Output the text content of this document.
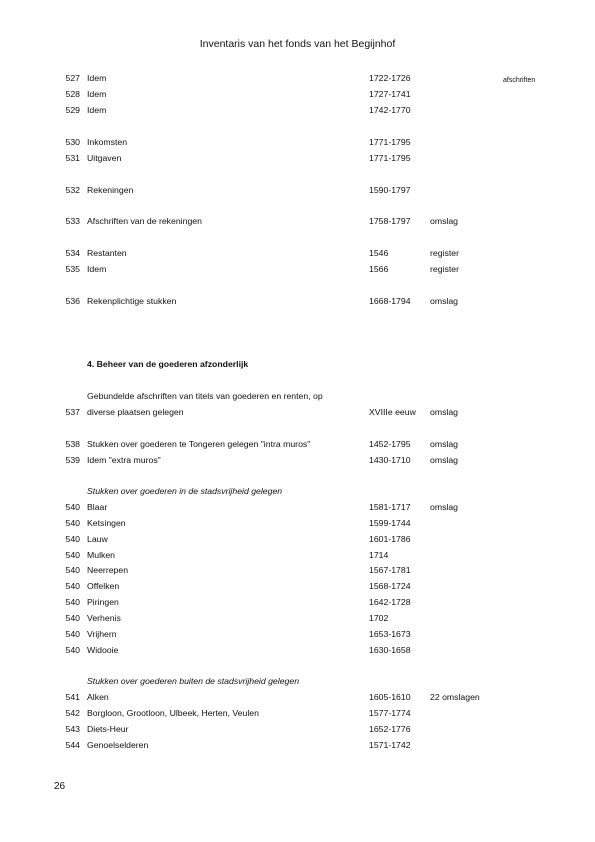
Inventaris van het fonds van het Begijnhof
527 Idem	1722-1726	afschriften
528 Idem	1727-1741
529 Idem	1742-1770
530 Inkomsten	1771-1795
531 Uitgaven	1771-1795
532 Rekeningen	1590-1797
533 Afschriften van de rekeningen	1758-1797 omslag
534 Restanten	1546	register
535 Idem	1566	register
536 Rekenplichtige stukken	1668-1794 omslag
4. Beheer van de goederen afzonderlijk
Gebundelde afschriften van titels van goederen en renten, op
537 diverse plaatsen gelegen	XVIIIe eeuw omslag
538 Stukken over goederen te Tongeren gelegen "intra muros"	1452-1795 omslag
539 Idem "extra muros"	1430-1710 omslag
Stukken over goederen in de stadsvrijheid gelegen
540 Blaar	1581-1717 omslag
540 Ketsingen	1599-1744
540 Lauw	1601-1786
540 Mulken	1714
540 Neerrepen	1567-1781
540 Offelken	1568-1724
540 Piringen	1642-1728
540 Verhenis	1702
540 Vrijhern	1653-1673
540 Widooie	1630-1658
Stukken over goederen buiten de stadsvrijheid gelegen
541 Alken	1605-1610 22 omslagen
542 Borgloon, Grootloon, Ulbeek, Herten, Veulen	1577-1774
543 Diets-Heur	1652-1776
544 Genoelselderen	1571-1742
26
